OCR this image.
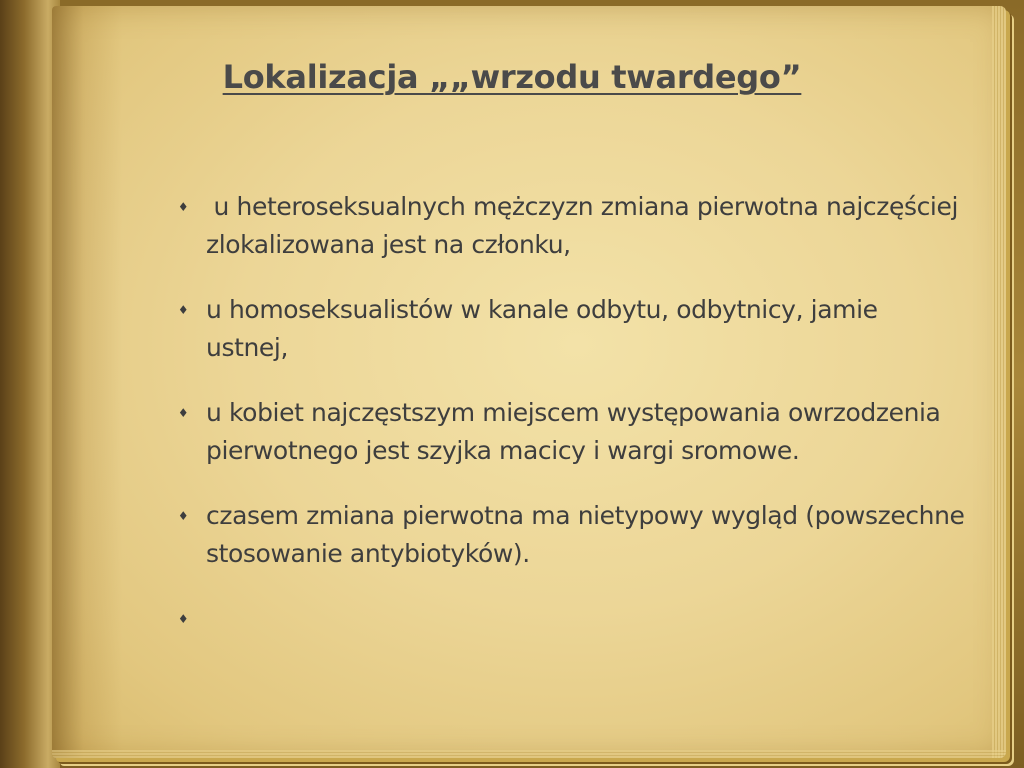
Lokalizacja „„wrzodu twardego”
♦ u heteroseksualnych mężczyzn zmiana pierwotna najczęściej zlokalizowana jest na członku,
♦ u homoseksualistów w kanale odbytu, odbytnicy, jamie ustnej,
♦ u kobiet najczęstszym miejscem występowania owrzodzenia pierwotnego jest szyjka macicy i wargi sromowe.
♦ czasem zmiana pierwotna ma nietypowy wygląd (powszechne stosowanie antybiotyków).
♦
